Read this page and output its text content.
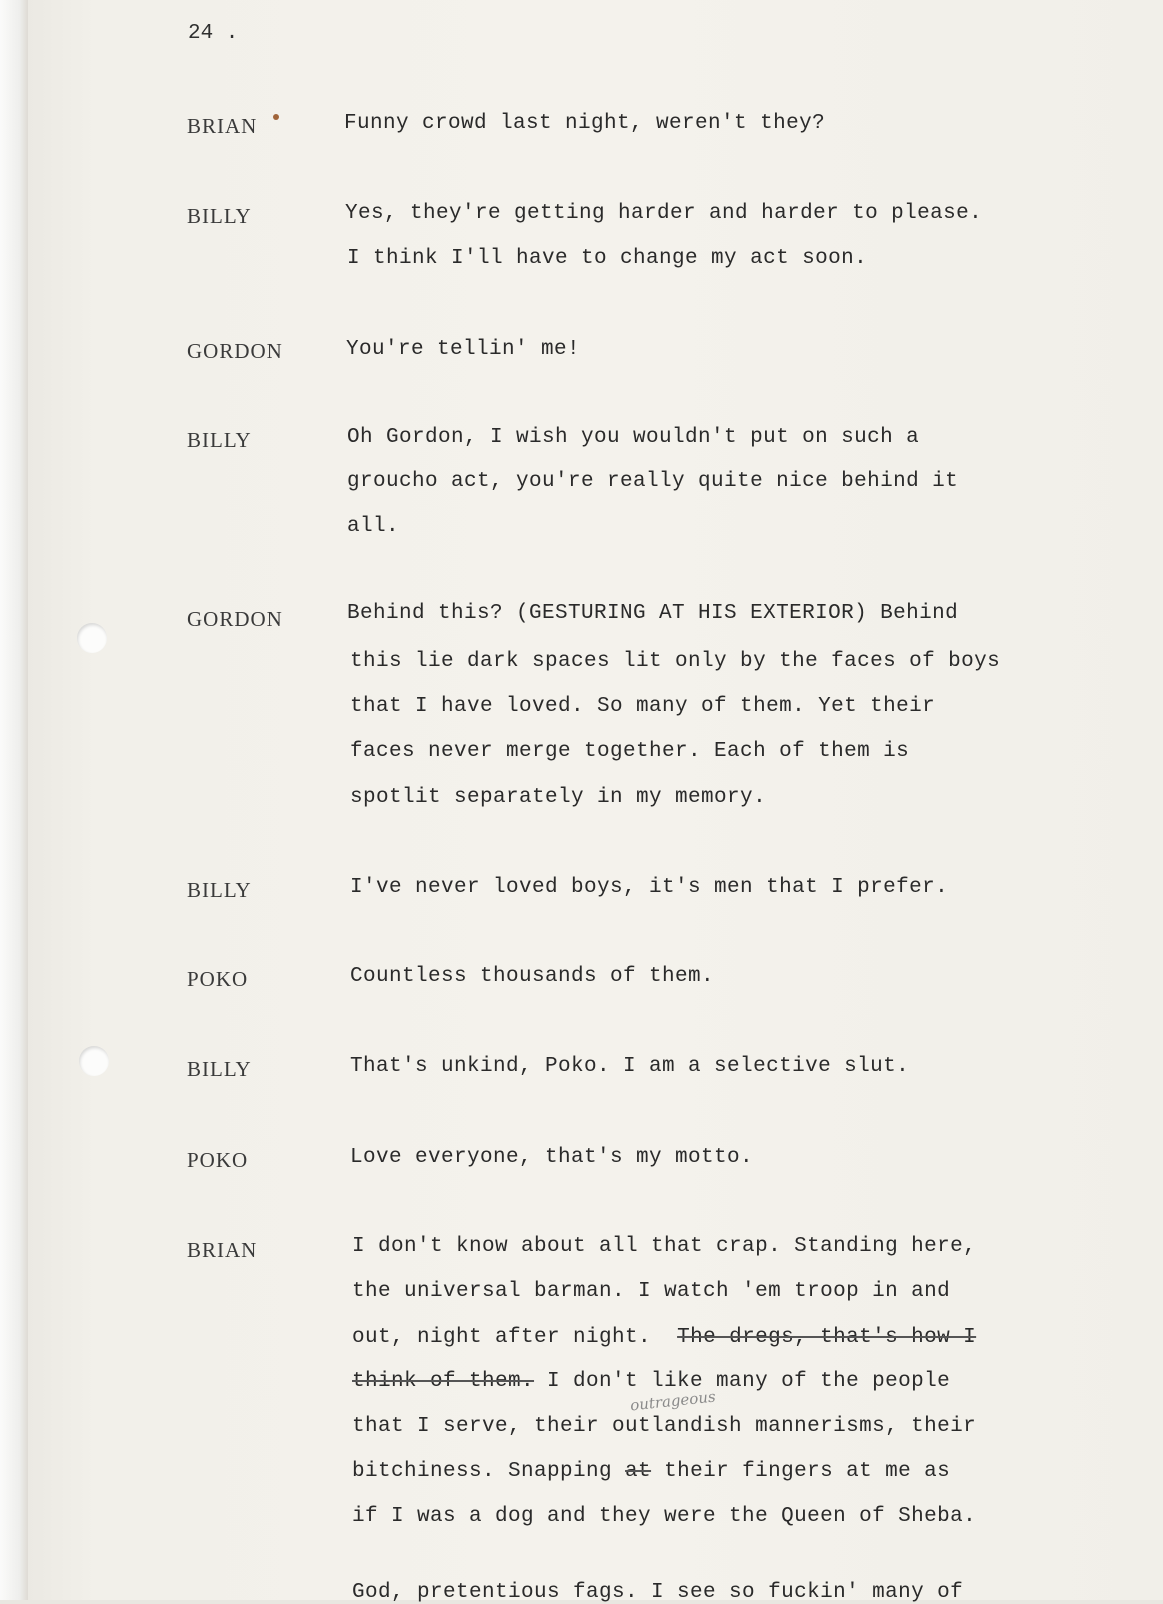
24 .
BRIAN	Funny crowd last night, weren't they?
BILLY	Yes, they're getting harder and harder to please.
I think I'll have to change my act soon.
GORDON	You're tellin' me!
BILLY	Oh Gordon, I wish you wouldn't put on such a
groucho act, you're really quite nice behind it
all.
GORDON	Behind this? (GESTURING AT HIS EXTERIOR) Behind
this lie dark spaces lit only by the faces of boys
that I have loved. So many of them. Yet their
faces never merge together. Each of them is
spotlit separately in my memory.
BILLY	I've never loved boys, it's men that I prefer.
POKO	Countless thousands of them.
BILLY	That's unkind, Poko. I am a selective slut.
POKO	Love everyone, that's my motto.
BRIAN	I don't know about all that crap. Standing here,
the universal barman. I watch 'em troop in and
out, night after night. The dregs, that's how I
think of them. I don't like many of the people
outrageous
that I serve, their outlandish mannerisms, their
bitchiness. Snapping at their fingers at me as
if I was a dog and they were the Queen of Sheba.
God, pretentious fags. I see so fuckin' many of
